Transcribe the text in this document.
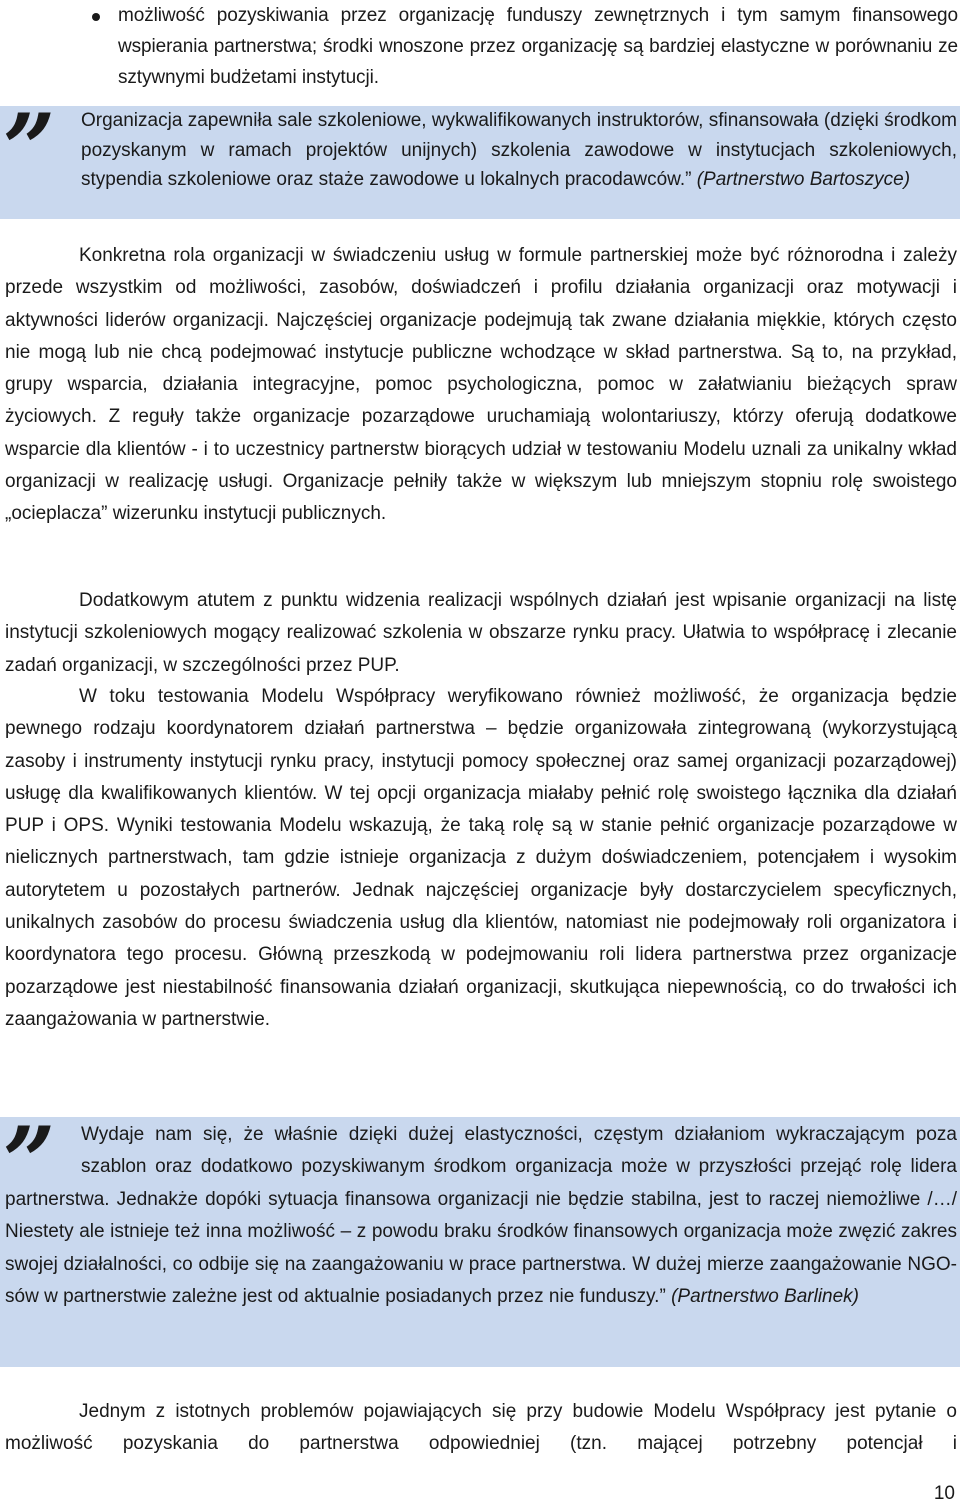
możliwość pozyskiwania przez organizację funduszy zewnętrznych i tym samym finansowego wspierania partnerstwa; środki wnoszone przez organizację są bardziej elastyczne w porównaniu ze sztywnymi budżetami instytucji.
”	Organizacja zapewniła sale szkoleniowe, wykwalifikowanych instruktorów, sfinansowała (dzięki środkom pozyskanym w ramach projektów unijnych) szkolenia zawodowe w instytucjach szkoleniowych, stypendia szkoleniowe oraz staże zawodowe u lokalnych pracodawców.” (Partnerstwo Bartoszyce)
Konkretna rola organizacji w świadczeniu usług w formule partnerskiej może być różnorodna i zależy przede wszystkim od możliwości, zasobów, doświadczeń i profilu działania organizacji oraz motywacji i aktywności liderów organizacji. Najczęściej organizacje podejmują tak zwane działania miękkie, których często nie mogą lub nie chcą podejmować instytucje publiczne wchodzące w skład partnerstwa. Są to, na przykład, grupy wsparcia, działania integracyjne, pomoc psychologiczna, pomoc w załatwianiu bieżących spraw życiowych. Z reguły także organizacje pozarządowe uruchamiają wolontariuszy, którzy oferują dodatkowe wsparcie dla klientów - i to uczestnicy partnerstw biorących udział w testowaniu Modelu uznali za unikalny wkład organizacji w realizację usługi. Organizacje pełniły także w większym lub mniejszym stopniu rolę swoistego „ocieplacza” wizerunku instytucji publicznych.
Dodatkowym atutem z punktu widzenia realizacji wspólnych działań jest wpisanie organizacji na listę instytucji szkoleniowych mogący realizować szkolenia w obszarze rynku pracy. Ułatwia to współpracę i zlecanie zadań organizacji, w szczególności przez PUP.
W toku testowania Modelu Współpracy weryfikowano również możliwość, że organizacja będzie pewnego rodzaju koordynatorem działań partnerstwa – będzie organizowała zintegrowaną (wykorzystującą zasoby i instrumenty instytucji rynku pracy, instytucji pomocy społecznej oraz samej organizacji pozarządowej) usługę dla kwalifikowanych klientów. W tej opcji organizacja miałaby pełnić rolę swoistego łącznika dla działań PUP i OPS. Wyniki testowania Modelu wskazują, że taką rolę są w stanie pełnić organizacje pozarządowe w nielicznych partnerstwach, tam gdzie istnieje organizacja z dużym doświadczeniem, potencjałem i wysokim autorytetem u pozostałych partnerów. Jednak najczęściej organizacje były dostarczycielem specyficznych, unikalnych zasobów do procesu świadczenia usług dla klientów, natomiast nie podejmowały roli organizatora i koordynatora tego procesu. Główną przeszkodą w podejmowaniu roli lidera partnerstwa przez organizacje pozarządowe jest niestabilność finansowania działań organizacji, skutkująca niepewnością, co do trwałości ich zaangażowania w partnerstwie.
”	Wydaje nam się, że właśnie dzięki dużej elastyczności, częstym działaniom wykraczającym poza szablon oraz dodatkowo pozyskiwanym środkom organizacja może w przyszłości przejąć rolę lidera partnerstwa. Jednakże dopóki sytuacja finansowa organizacji nie będzie stabilna, jest to raczej niemożliwe /…/ Niestety ale istnieje też inna możliwość – z powodu braku środków finansowych organizacja może zwęzić zakres swojej działalności, co odbije się na zaangażowaniu w prace partnerstwa. W dużej mierze zaangażowanie NGO-sów w partnerstwie zależne jest od aktualnie posiadanych przez nie funduszy.” (Partnerstwo Barlinek)
Jednym z istotnych problemów pojawiających się przy budowie Modelu Współpracy jest pytanie o możliwość pozyskania do partnerstwa odpowiedniej (tzn. mającej potrzebny potencjał i
10
